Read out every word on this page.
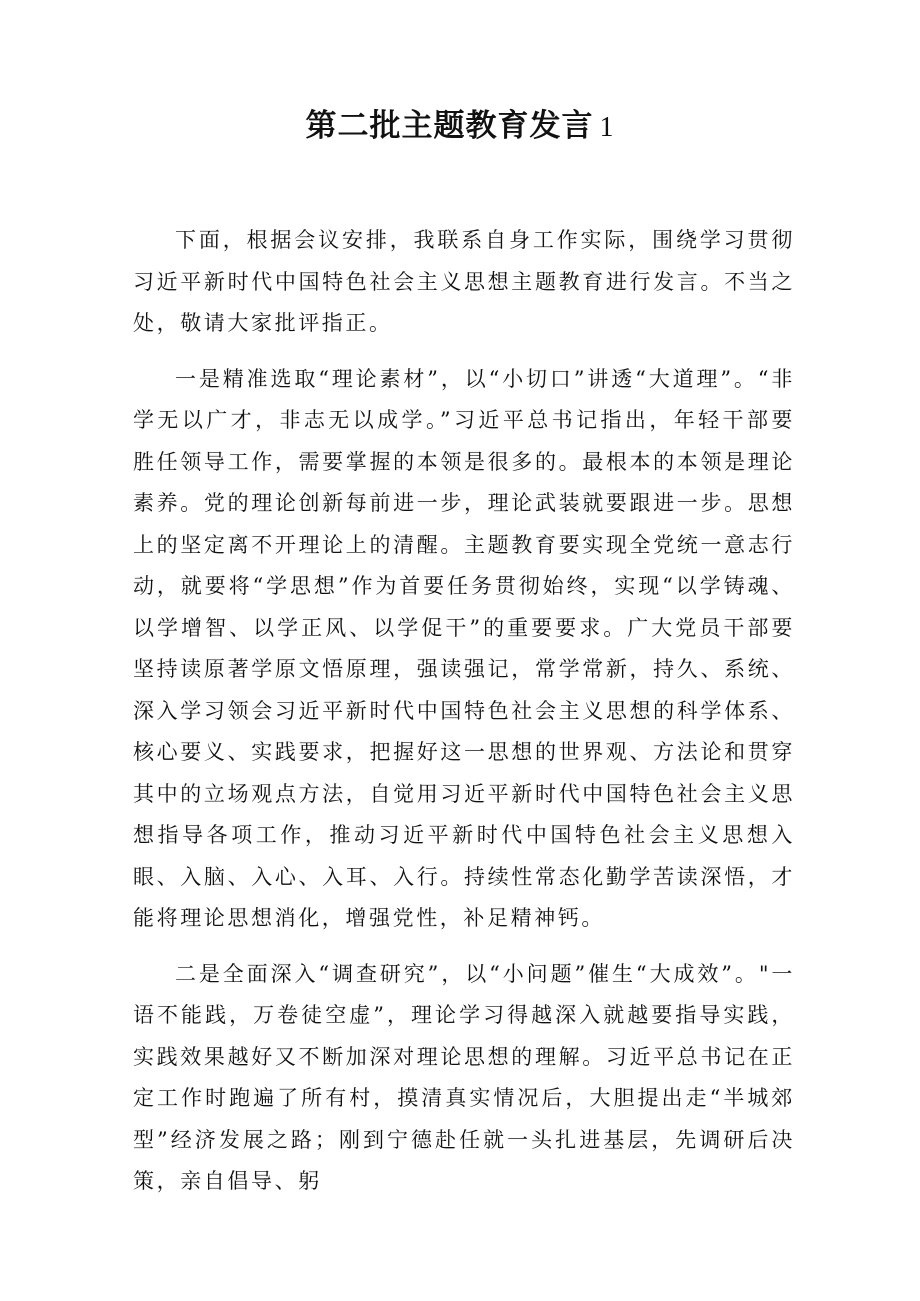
第二批主题教育发言 1

下面，根据会议安排，我联系自身工作实际，围绕学习贯彻习近平新时代中国特色社会主义思想主题教育进行发言。不当之处，敬请大家批评指正。

一是精准选取“理论素材”，以“小切口”讲透“大道理”。“非学无以广才，非志无以成学。”习近平总书记指出，年轻干部要胜任领导工作，需要掌握的本领是很多的。最根本的本领是理论素养。党的理论创新每前进一步，理论武装就要跟进一步。思想上的坚定离不开理论上的清醒。主题教育要实现全党统一意志行动，就要将“学思想”作为首要任务贯彻始终，实现“以学铸魂、以学增智、以学正风、以学促干”的重要要求。广大党员干部要坚持读原著学原文悟原理，强读强记，常学常新，持久、系统、深入学习领会习近平新时代中国特色社会主义思想的科学体系、核心要义、实践要求，把握好这一思想的世界观、方法论和贯穿其中的立场观点方法，自觉用习近平新时代中国特色社会主义思想指导各项工作，推动习近平新时代中国特色社会主义思想入眼、入脑、入心、入耳、入行。持续性常态化勤学苦读深悟，才能将理论思想消化，增强党性，补足精神钙。

二是全面深入“调查研究”，以“小问题”催生“大成效”。"一语不能践，万卷徒空虚”，理论学习得越深入就越要指导实践，实践效果越好又不断加深对理论思想的理解。习近平总书记在正定工作时跑遍了所有村，摸清真实情况后，大胆提出走“半城郊型”经济发展之路；刚到宁德赴任就一头扎进基层，先调研后决策，亲自倡导、躬
